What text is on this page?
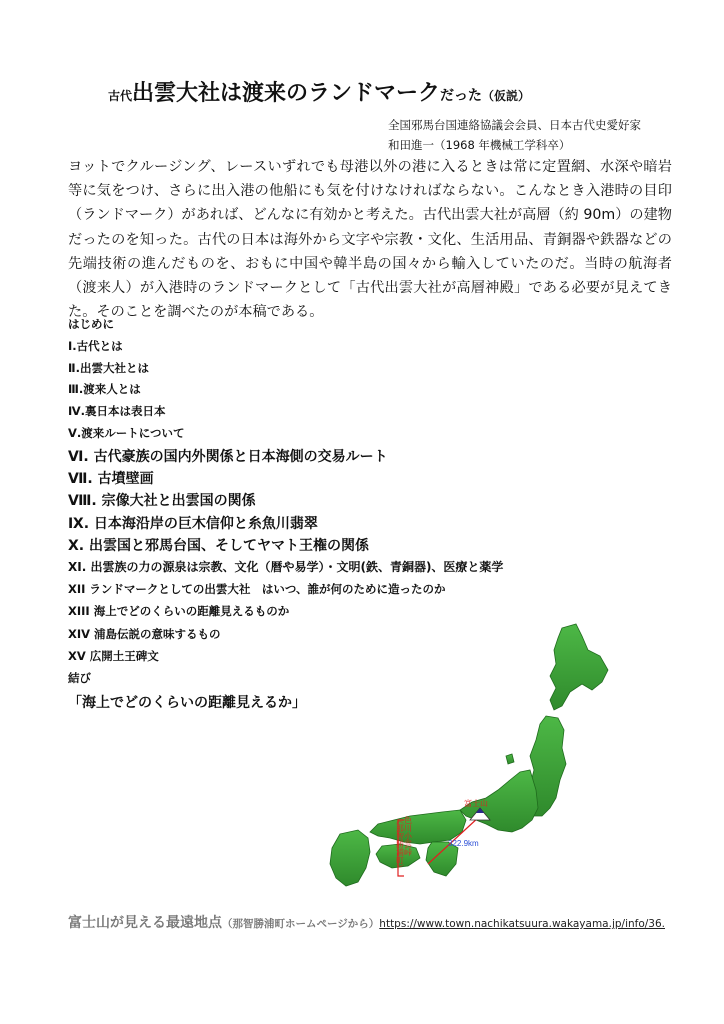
古代出雲大社は渡来のランドマークだった（仮説）
全国邪馬台国連絡協議会会員、日本古代史愛好家
和田進一（1968 年機械工学科卒）
ヨットでクルージング、レースいずれでも母港以外の港に入るときは常に定置網、水深や暗岩等に気をつけ、さらに出入港の他船にも気を付けなければならない。こんなとき入港時の目印（ランドマーク）があれば、どんなに有効かと考えた。古代出雲大社が高層（約 90m）の建物だったのを知った。古代の日本は海外から文字や宗教・文化、生活用品、青銅器や鉄器などの先端技術の進んだものを、おもに中国や韓半島の国々から輸入していたのだ。当時の航海者（渡来人）が入港時のランドマークとして「古代出雲大社が高層神殿」である必要が見えてきた。そのことを調べたのが本稿である。
はじめに
Ⅰ.古代とは
Ⅱ.出雲大社とは
Ⅲ.渡来人とは
Ⅳ.裏日本は表日本
Ⅴ.渡来ルートについて
Ⅵ. 古代豪族の国内外関係と日本海側の交易ルート
Ⅶ. 古墳壁画
Ⅷ. 宗像大社と出雲国の関係
Ⅸ. 日本海沿岸の巨木信仰と糸魚川翡翠
Ⅹ. 出雲国と邪馬台国、そしてヤマト王権の関係
XI. 出雲族の力の源泉は宗教、文化（暦や易学）・文明(鉄、青銅器)、医療と薬学
XII ランドマークとしての出雲大社　はいつ、誰が何のために造ったのか
XIII 海上でどのくらいの距離見えるものか
XIV 浦島伝説の意味するもの
XV 広開土王碑文
結び
「海上でどのくらいの距離見えるか」
富士山
322.9km
色川小雲峠
（那智勝浦町）
富士山が見える最遠地点（那智勝浦町ホームページから）https://www.town.nachikatsuura.wakayama.jp/info/36.
